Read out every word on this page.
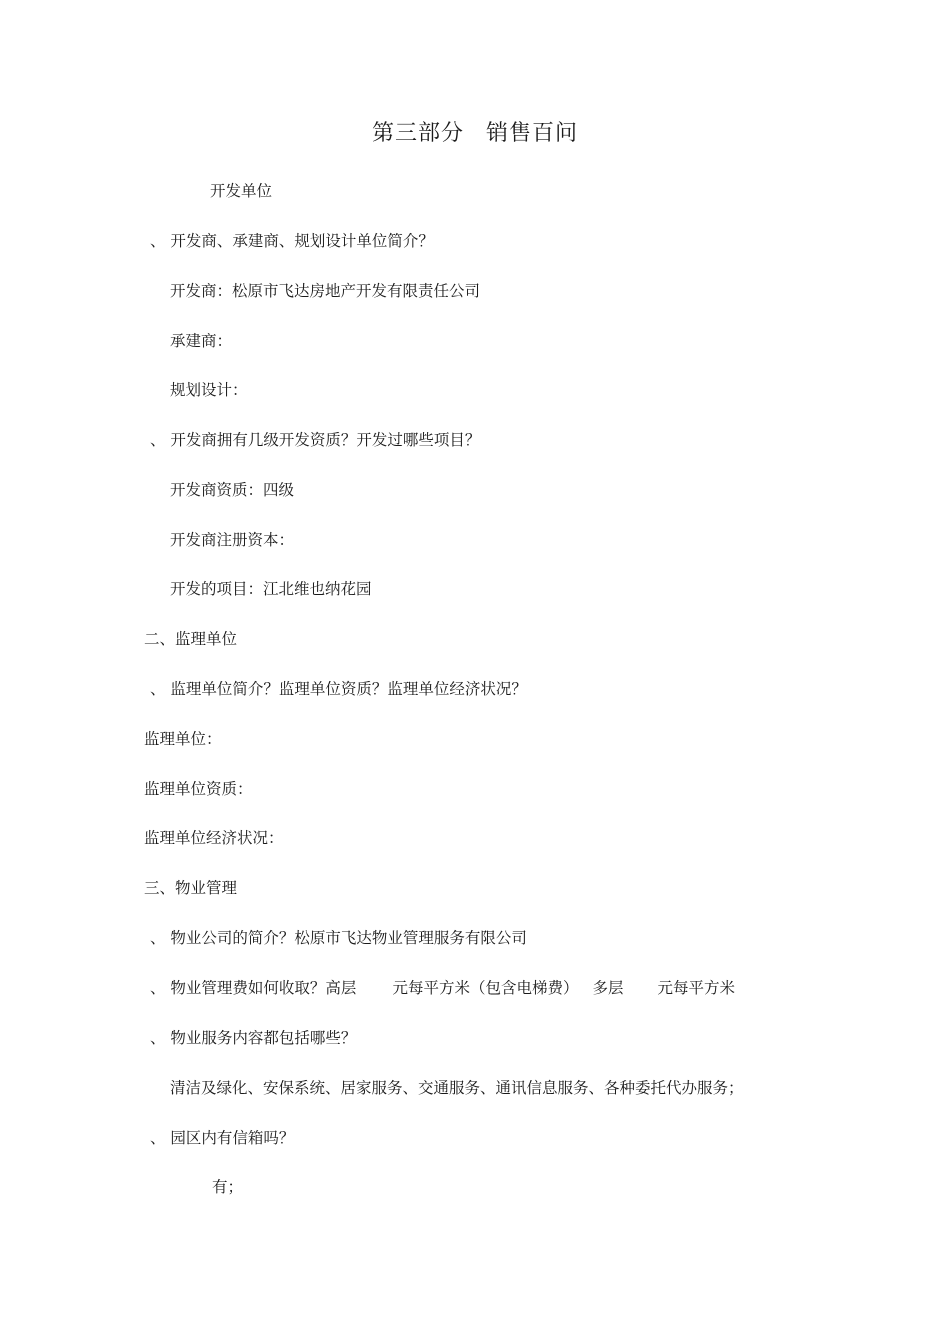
第三部分 销售百问
开发单位
、 开发商、承建商、规划设计单位简介？
开发商：松原市飞达房地产开发有限责任公司
承建商：
规划设计：
、 开发商拥有几级开发资质？开发过哪些项目？
开发商资质：四级
开发商注册资本：
开发的项目：江北维也纳花园
二、监理单位
、 监理单位简介？监理单位资质？监理单位经济状况？
监理单位：
监理单位资质：
监理单位经济状况：
三、物业管理
、 物业公司的简介？松原市飞达物业管理服务有限公司
、 物业管理费如何收取？高层 元每平方米（包含电梯费） 多层 元每平方米
、 物业服务内容都包括哪些？
清洁及绿化、安保系统、居家服务、交通服务、通讯信息服务、各种委托代办服务；
、 园区内有信箱吗？
有；
